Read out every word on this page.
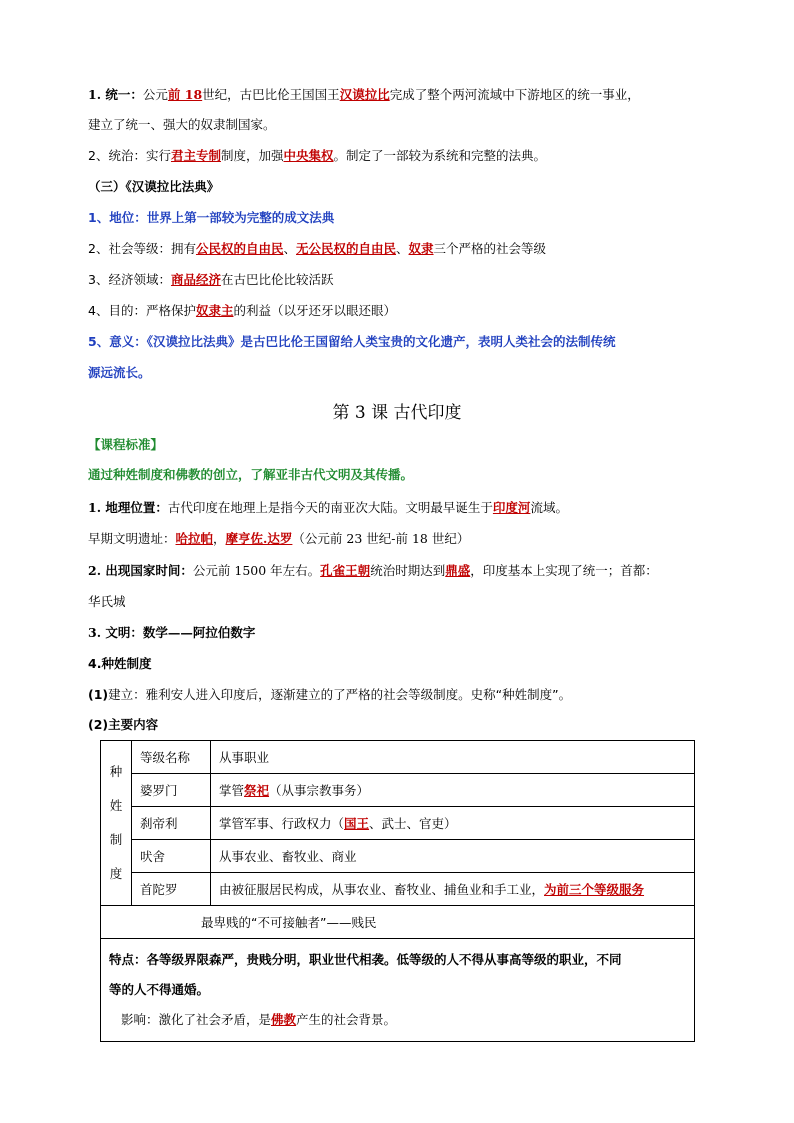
1. 统一：公元前 18世纪，古巴比伦王国国王汉谟拉比完成了整个两河流域中下游地区的统一事业，
建立了统一、强大的奴隶制国家。
2、统治：实行君主专制制度，加强中央集权。制定了一部较为系统和完整的法典。
（三）《汉谟拉比法典》
1、地位：世界上第一部较为完整的成文法典
2、社会等级：拥有公民权的自由民、无公民权的自由民、奴隶三个严格的社会等级
3、经济领域：商品经济在古巴比伦比较活跃
4、目的：严格保护奴隶主的利益（以牙还牙以眼还眼）
5、意义：《汉谟拉比法典》是古巴比伦王国留给人类宝贵的文化遗产，表明人类社会的法制传统
源远流长。
第 3 课 古代印度
【课程标准】
通过种姓制度和佛教的创立，了解亚非古代文明及其传播。
1. 地理位置：古代印度在地理上是指今天的南亚次大陆。文明最早诞生于印度河流域。
早期文明遗址：哈拉帕，摩亨佐.达罗（公元前 23 世纪-前 18 世纪）
2. 出现国家时间：公元前 1500 年左右。孔雀王朝统治时期达到鼎盛，印度基本上实现了统一；首都：
华氏城
3. 文明：数学——阿拉伯数字
4.种姓制度
(1)建立：雅利安人进入印度后，逐渐建立的了严格的社会等级制度。史称“种姓制度”。
(2)主要内容
种
姓
制
度	等级名称	从事职业
	婆罗门	掌管祭祀（从事宗教事务）
	刹帝利	掌管军事、行政权力（国王、武士、官吏）
	吠舍	从事农业、畜牧业、商业
	首陀罗	由被征服居民构成，从事农业、畜牧业、捕鱼业和手工业，为前三个等级服务
最卑贱的“不可接触者”——贱民		

特点：各等级界限森严，贵贱分明，职业世代相袭。低等级的人不得从事高等级的职业，不同
等的人不得通婚。
影响：激化了社会矛盾，是佛教产生的社会背景。		
